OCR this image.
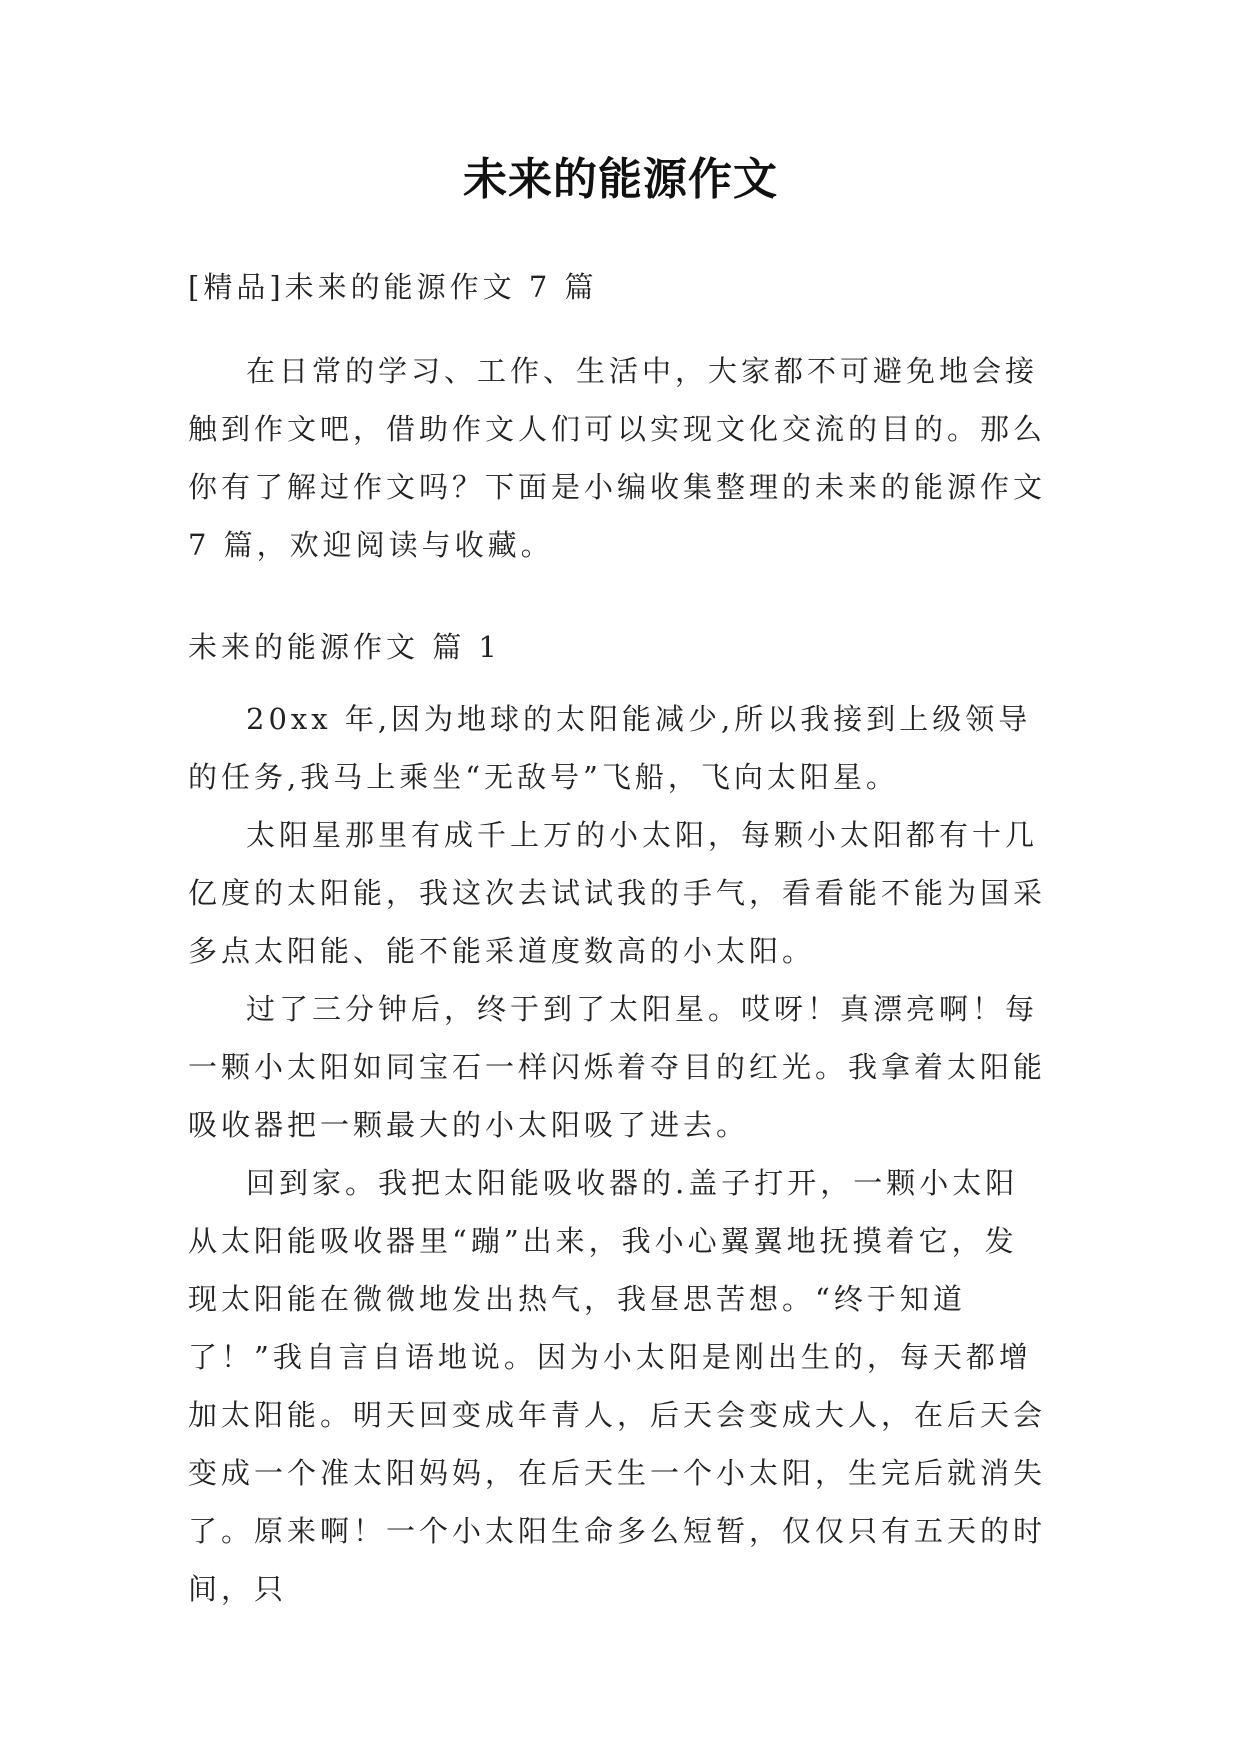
未来的能源作文
[精品]未来的能源作文 7 篇

在日常的学习、工作、生活中，大家都不可避免地会接触到作文吧，借助作文人们可以实现文化交流的目的。那么你有了解过作文吗？下面是小编收集整理的未来的能源作文 7 篇，欢迎阅读与收藏。

未来的能源作文 篇 1

20xx 年,因为地球的太阳能减少,所以我接到上级领导的任务,我马上乘坐“无敌号”飞船，飞向太阳星。

太阳星那里有成千上万的小太阳，每颗小太阳都有十几亿度的太阳能，我这次去试试我的手气，看看能不能为国采多点太阳能、能不能采道度数高的小太阳。

过了三分钟后，终于到了太阳星。哎呀！真漂亮啊！每一颗小太阳如同宝石一样闪烁着夺目的红光。我拿着太阳能吸收器把一颗最大的小太阳吸了进去。

回到家。我把太阳能吸收器的.盖子打开，一颗小太阳从太阳能吸收器里“蹦”出来，我小心翼翼地抚摸着它，发现太阳能在微微地发出热气，我昼思苦想。“终于知道了！”我自言自语地说。因为小太阳是刚出生的，每天都增加太阳能。明天回变成年青人，后天会变成大人，在后天会变成一个准太阳妈妈，在后天生一个小太阳，生完后就消失了。原来啊！一个小太阳生命多么短暂，仅仅只有五天的时间，只
